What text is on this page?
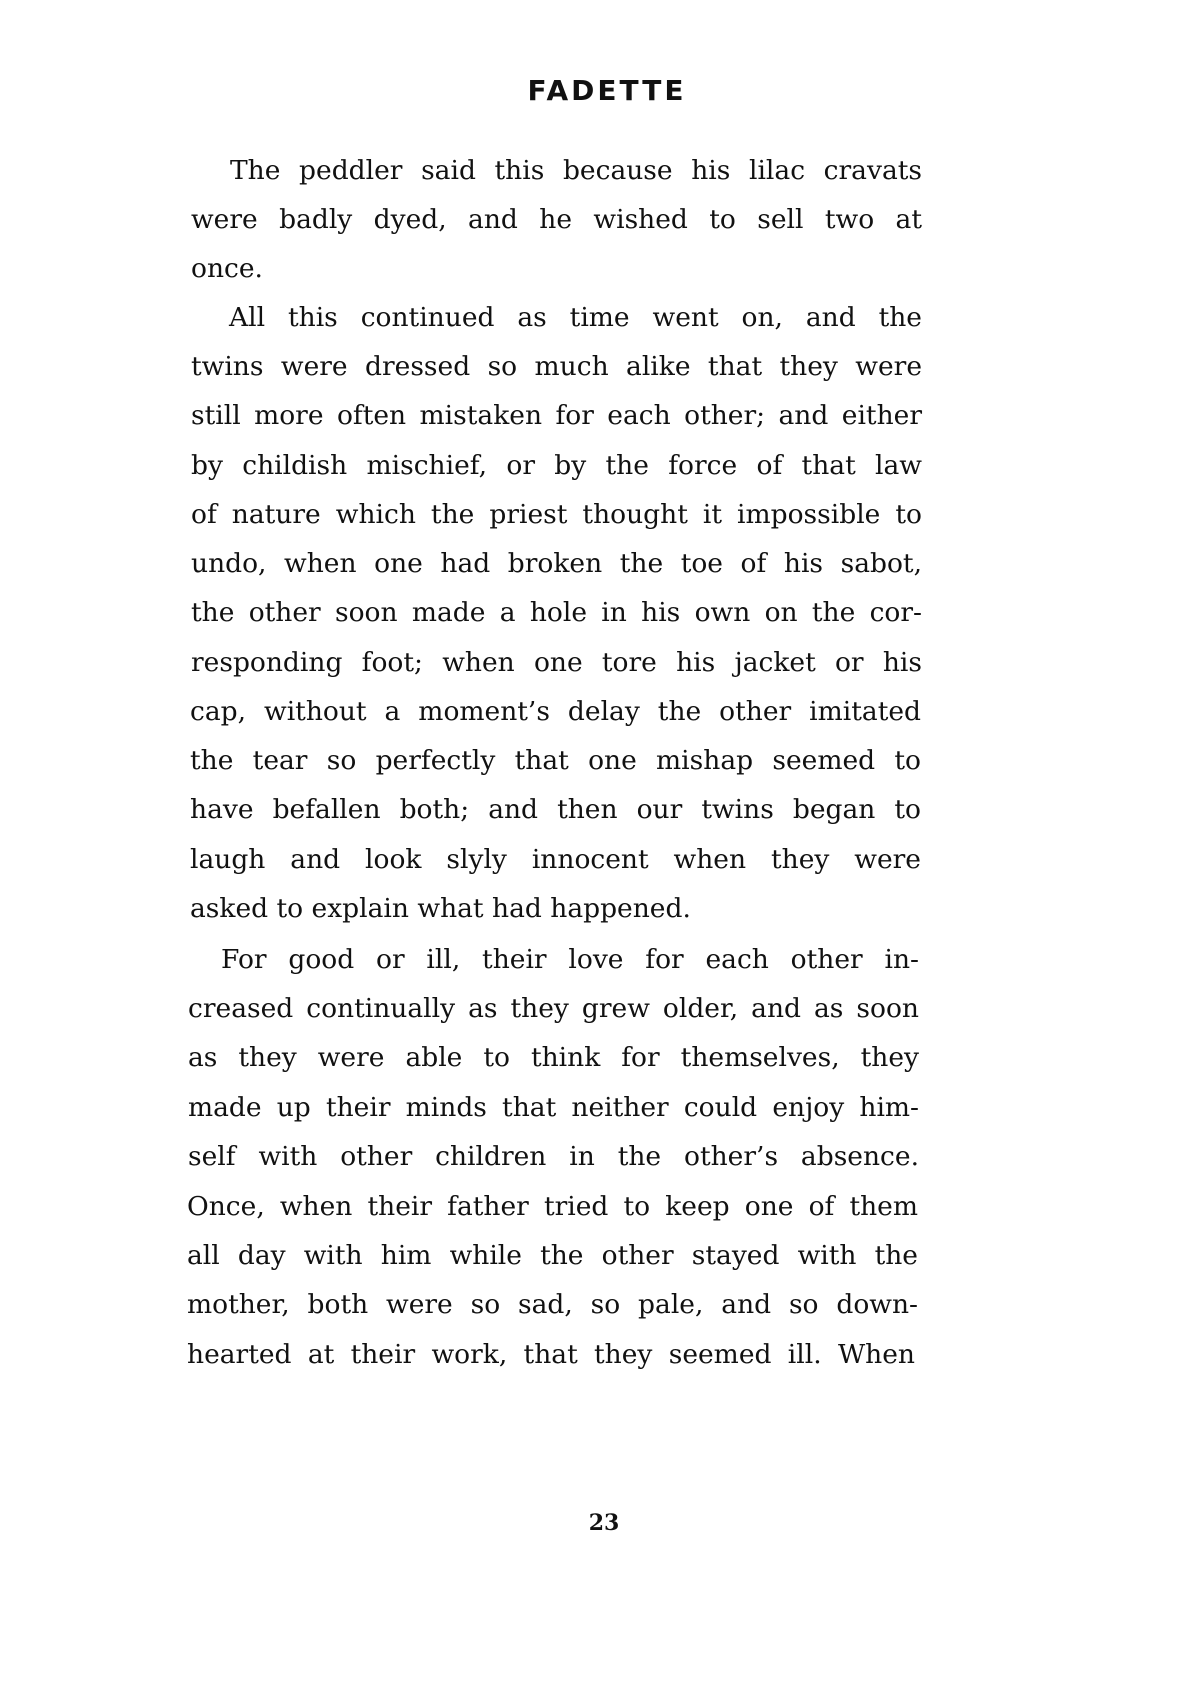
FADETTE
The peddler said this because his lilac cravats
were badly dyed, and he wished to sell two at
once.
All this continued as time went on, and the
twins were dressed so much alike that they were
still more often mistaken for each other; and either
by childish mischief, or by the force of that law
of nature which the priest thought it impossible to
undo, when one had broken the toe of his sabot,
the other soon made a hole in his own on the cor-
responding foot; when one tore his jacket or his
cap, without a moment’s delay the other imitated
the tear so perfectly that one mishap seemed to
have befallen both; and then our twins began to
laugh and look slyly innocent when they were
asked to explain what had happened.
For good or ill, their love for each other in-
creased continually as they grew older, and as soon
as they were able to think for themselves, they
made up their minds that neither could enjoy him-
self with other children in the other’s absence.
Once, when their father tried to keep one of them
all day with him while the other stayed with the
mother, both were so sad, so pale, and so down-
hearted at their work, that they seemed ill. When
23
